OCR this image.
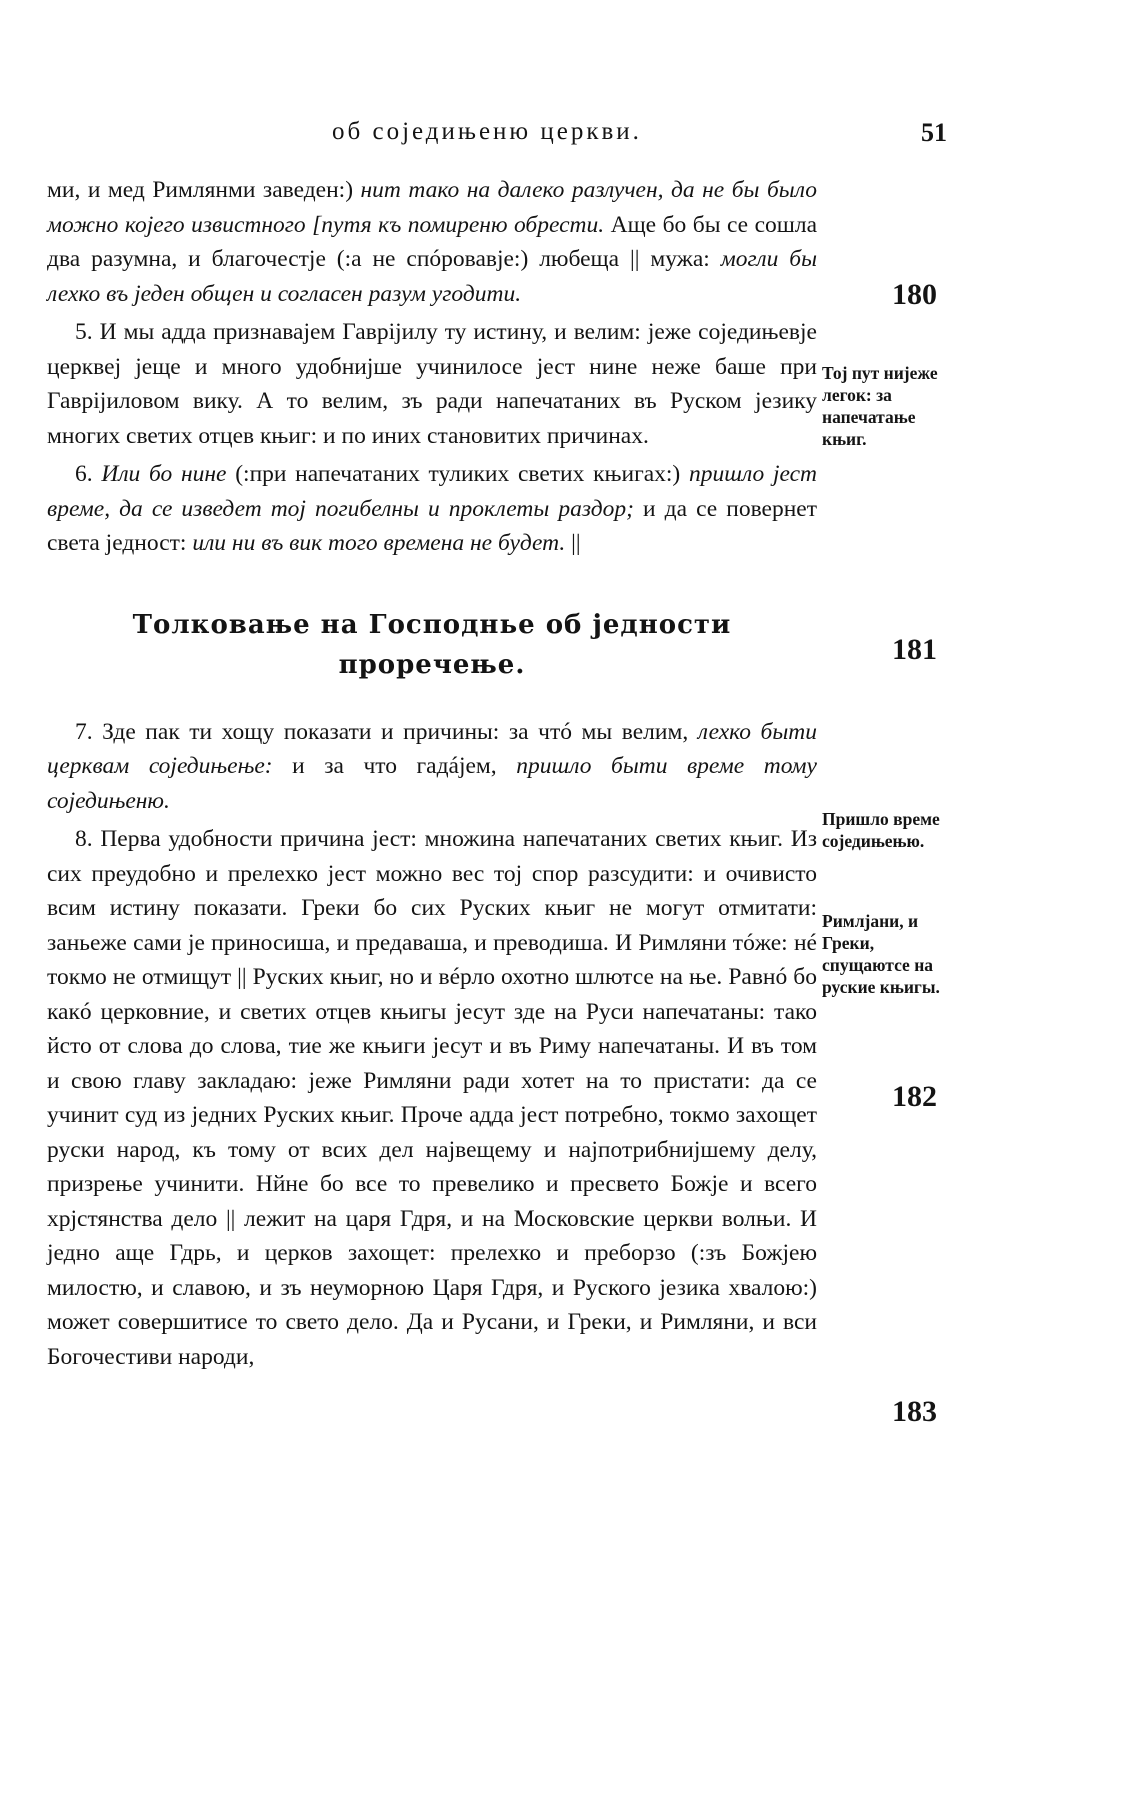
об соједињеню церкви.	51

ми, и мед Римлянми заведен:) нит тако на далеко разлучен, да не бы было можно којего извистного [путя къ помиреню обрести. Аще бо бы се сошла два разумна, и благочестје (:а не спóровавје:) любеща || мужа: могли бы лехко въ једен общен и согласен разум угодити.

5. И мы адда признавајем Гаврijилу ту истину, и велим: јеже соједињевје церквеј јеще и много удобнијше учинилосе јест нине неже баше при Гаврiјиловом вику. А то велим, зъ ради напечатаних въ Руском језику многих светих отцев књиг: и по иних становитих причинах.

6. Или бо нине (:при напечатаних туликих светих књигах:) пришло јест време, да се изведет тој погибелны и проклеты раздор; и да се повернет света једност: или ни въ вик того времена не будет. ||

Толковање на Господнье об једности проречење.

7. Зде пак ти хощу показати и причины: за чтó мы велим, лехко быти церквам соједињење: и за что гадáјем, пришло быти време тому соједињеню.

8. Перва удобности причина јест: множина напечатаних светих књиг. Из сих преудобно и прелехко јест можно вес тој спор разсудити: и очивисто всим истину показати. Греки бо сих Руских књиг не могут отмитати: заньеже сами је приносиша, и предаваша, и преводиша. И Римляни тóже: нé токмо не отмищут || Руских књиг, но и вéрло охотно шлютсе на ње. Равнó бо какó церковние, и светих отцев књигы јесут зде на Руси напечатаны: тако йсто от слова до слова, тие же књиги јесут и въ Риму напечатаны. И въ том и свою главу закладаю: јеже Римляни ради хотет на то пристати: да се учинит суд из једних Руских књиг. Проче адда јест потребно, токмо захощет руски народ, къ тому от всих дел највещему и најпотрибнијшему делу, призрење учинити. Нйне бо все то превелико и пресвето Божје и всего хрјстянства дело || лежит на царя Гдря, и на Московские церкви волњи. И једно аще Гдрь, и церков захощет: прелехко и преборзо (:зъ Божјею милостю, и славою, и зъ неуморною Царя Гдря, и Руского језика хвалою:) может совершитисе то свето дело. Да и Русани, и Греки, и Римляни, и вси Богочестиви народи,

Тој пут нијеже легок: за напечатање књиг.
Пришло време соједињењю.
Римлјани, и Греки, спущаютсе на руские књигы.
180
181
182
183
